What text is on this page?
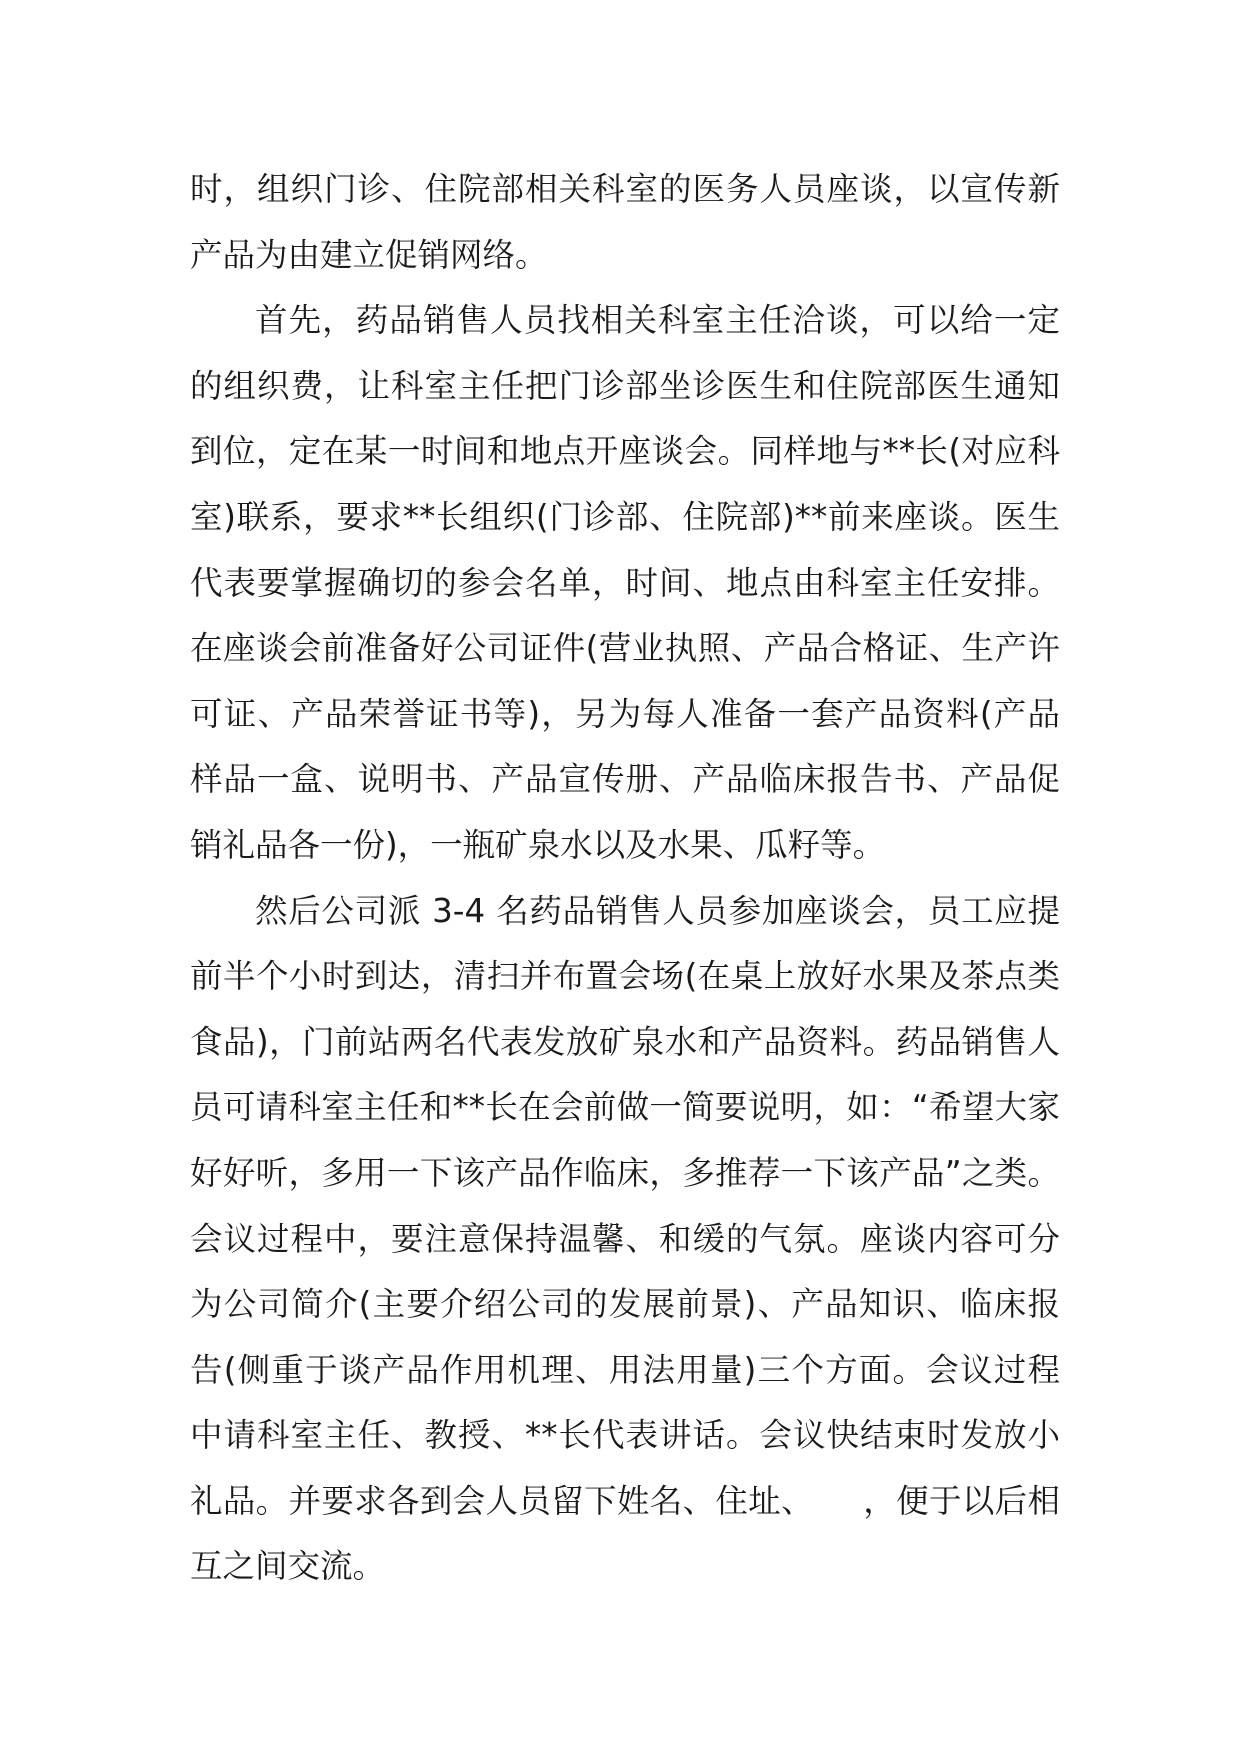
时，组织门诊、住院部相关科室的医务人员座谈，以宣传新产品为由建立促销网络。

首先，药品销售人员找相关科室主任洽谈，可以给一定的组织费，让科室主任把门诊部坐诊医生和住院部医生通知到位，定在某一时间和地点开座谈会。同样地与**长(对应科室)联系，要求**长组织(门诊部、住院部)**前来座谈。医生代表要掌握确切的参会名单，时间、地点由科室主任安排。在座谈会前准备好公司证件(营业执照、产品合格证、生产许可证、产品荣誉证书等)，另为每人准备一套产品资料(产品样品一盒、说明书、产品宣传册、产品临床报告书、产品促销礼品各一份)，一瓶矿泉水以及水果、瓜籽等。

然后公司派 3-4 名药品销售人员参加座谈会，员工应提前半个小时到达，清扫并布置会场(在桌上放好水果及茶点类食品)，门前站两名代表发放矿泉水和产品资料。药品销售人员可请科室主任和**长在会前做一简要说明，如：“希望大家好好听，多用一下该产品作临床，多推荐一下该产品”之类。会议过程中，要注意保持温馨、和缓的气氛。座谈内容可分为公司简介(主要介绍公司的发展前景)、产品知识、临床报告(侧重于谈产品作用机理、用法用量)三个方面。会议过程中请科室主任、教授、**长代表讲话。会议快结束时发放小礼品。并要求各到会人员留下姓名、住址、　　，便于以后相互之间交流。
